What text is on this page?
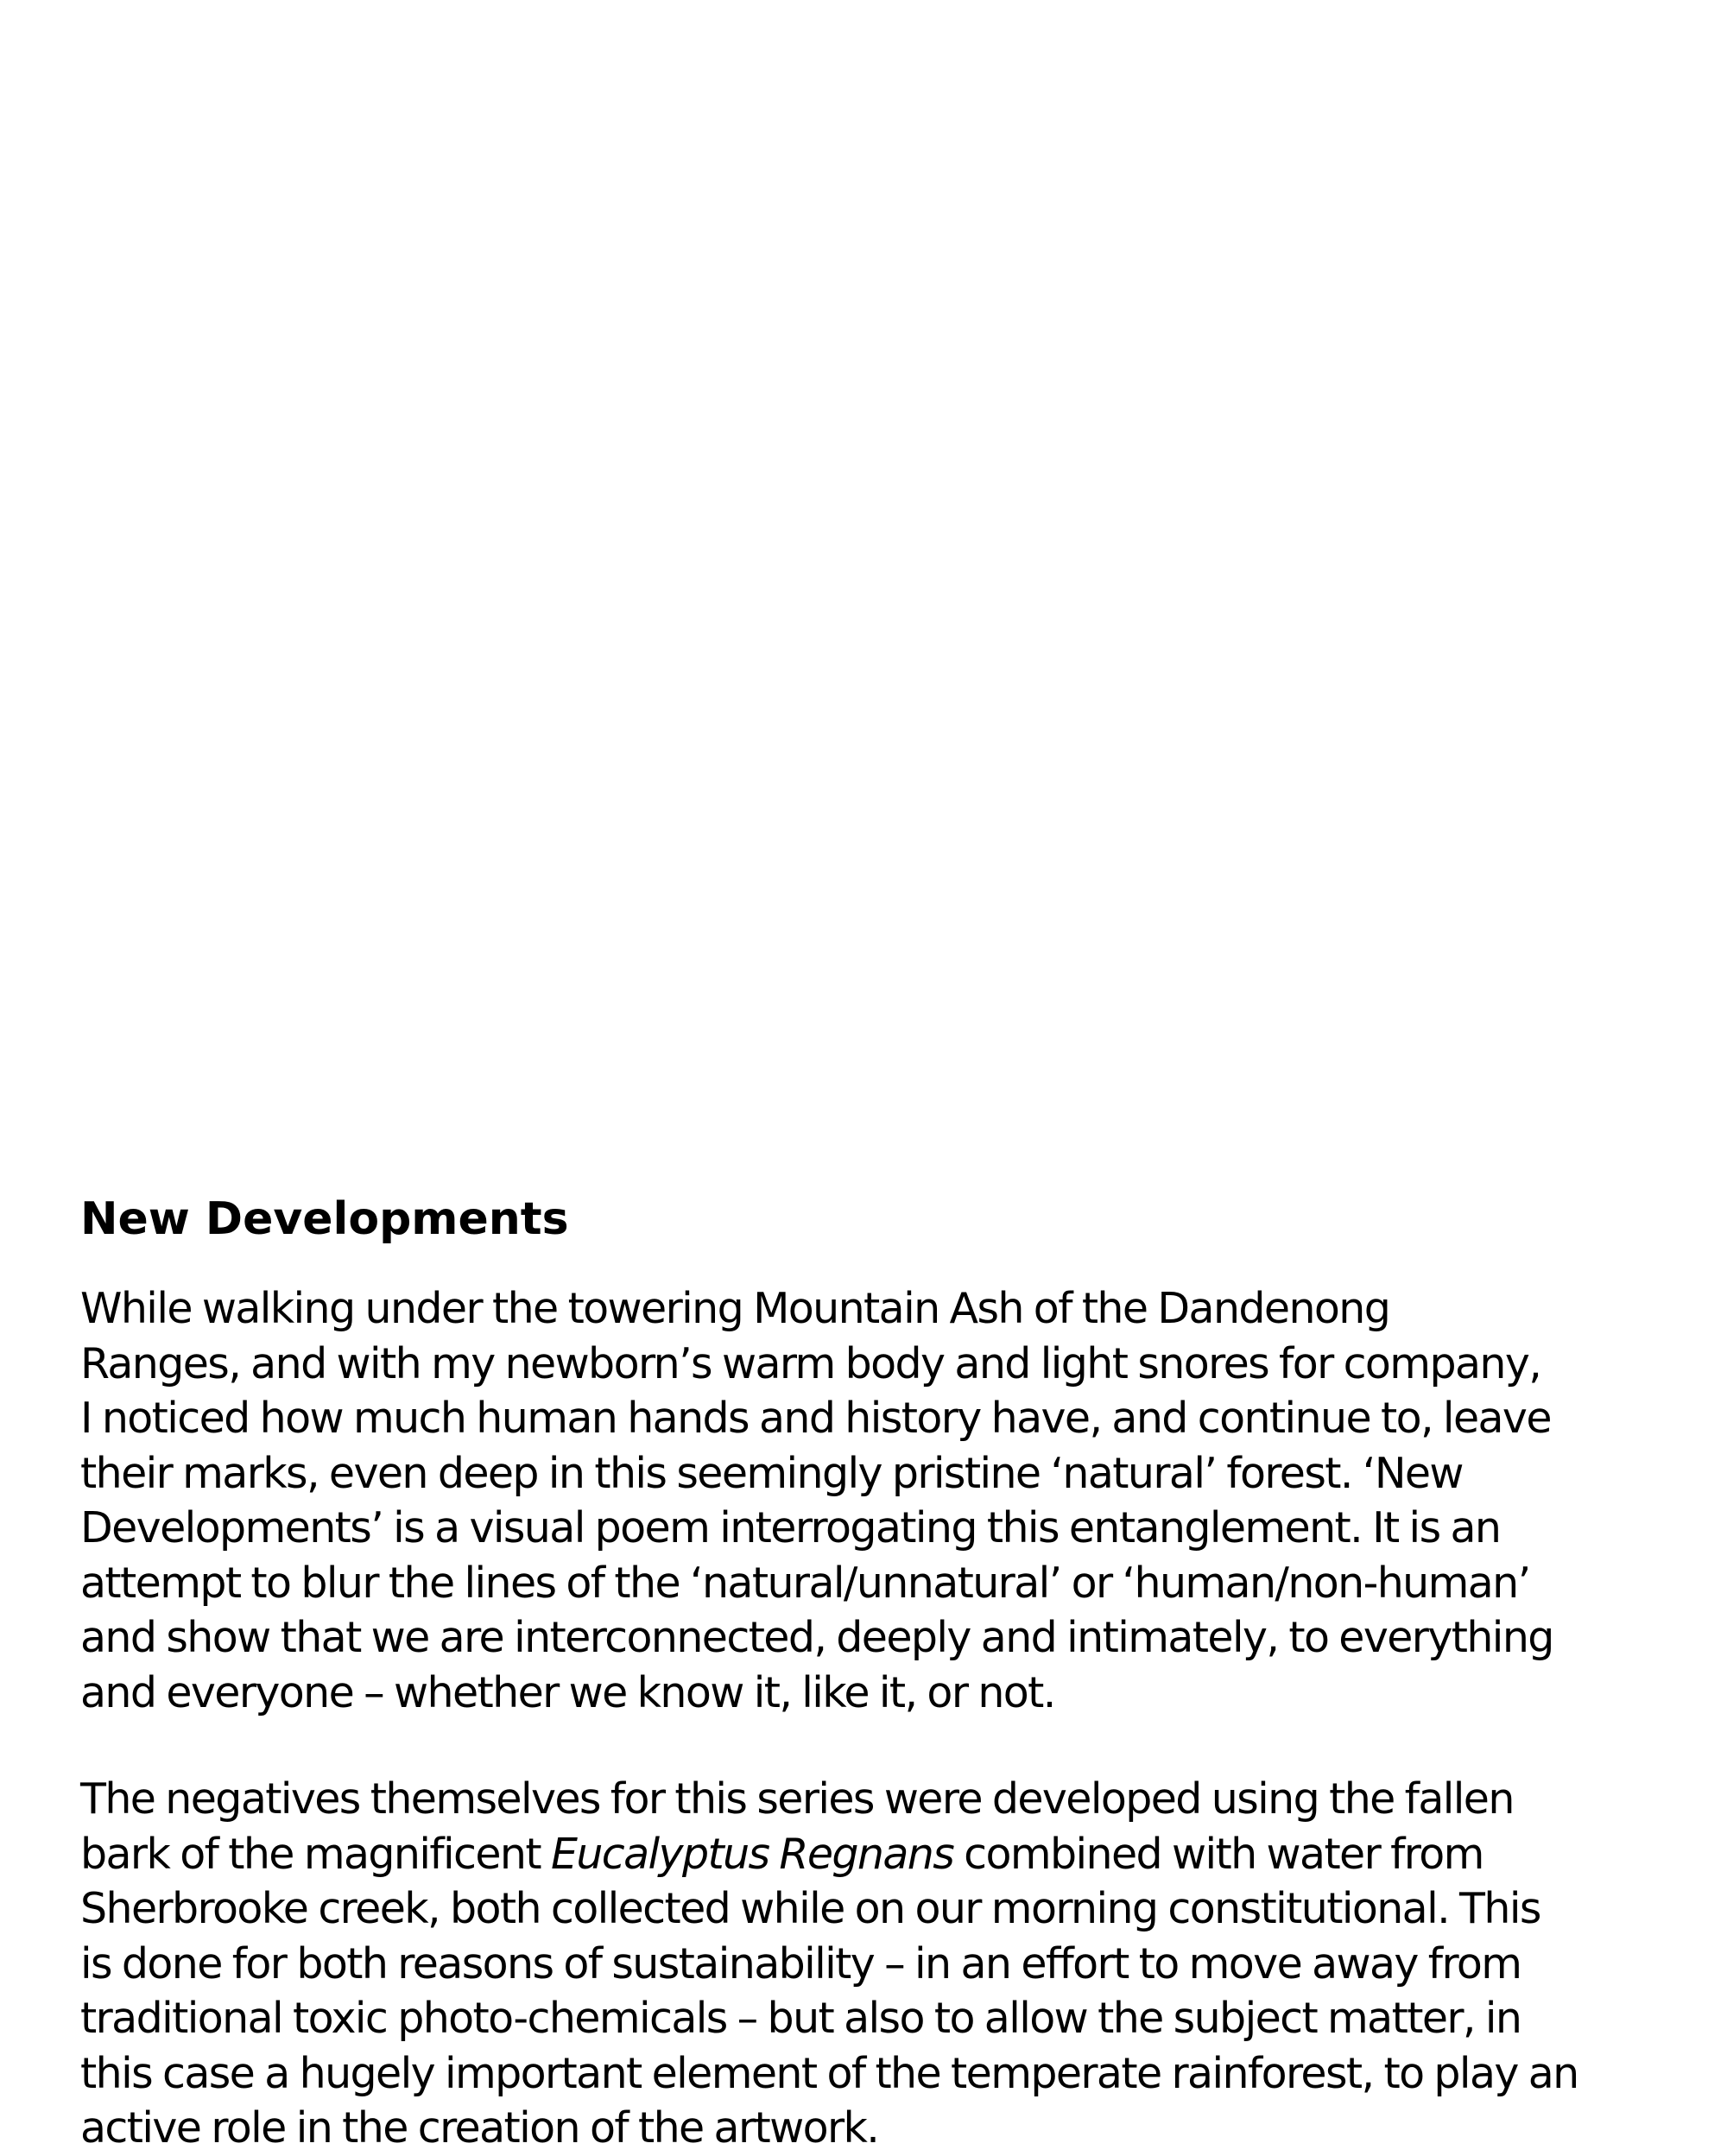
New Developments

While walking under the towering Mountain Ash of the Dandenong
Ranges, and with my newborn’s warm body and light snores for company,
I noticed how much human hands and history have, and continue to, leave
their marks, even deep in this seemingly pristine ‘natural’ forest. ‘New
Developments’ is a visual poem interrogating this entanglement. It is an
attempt to blur the lines of the ‘natural/unnatural’ or ‘human/non-human’
and show that we are interconnected, deeply and intimately, to everything
and everyone – whether we know it, like it, or not.

The negatives themselves for this series were developed using the fallen
bark of the magnificent Eucalyptus Regnans combined with water from
Sherbrooke creek, both collected while on our morning constitutional. This
is done for both reasons of sustainability – in an effort to move away from
traditional toxic photo-chemicals – but also to allow the subject matter, in
this case a hugely important element of the temperate rainforest, to play an
active role in the creation of the artwork.
